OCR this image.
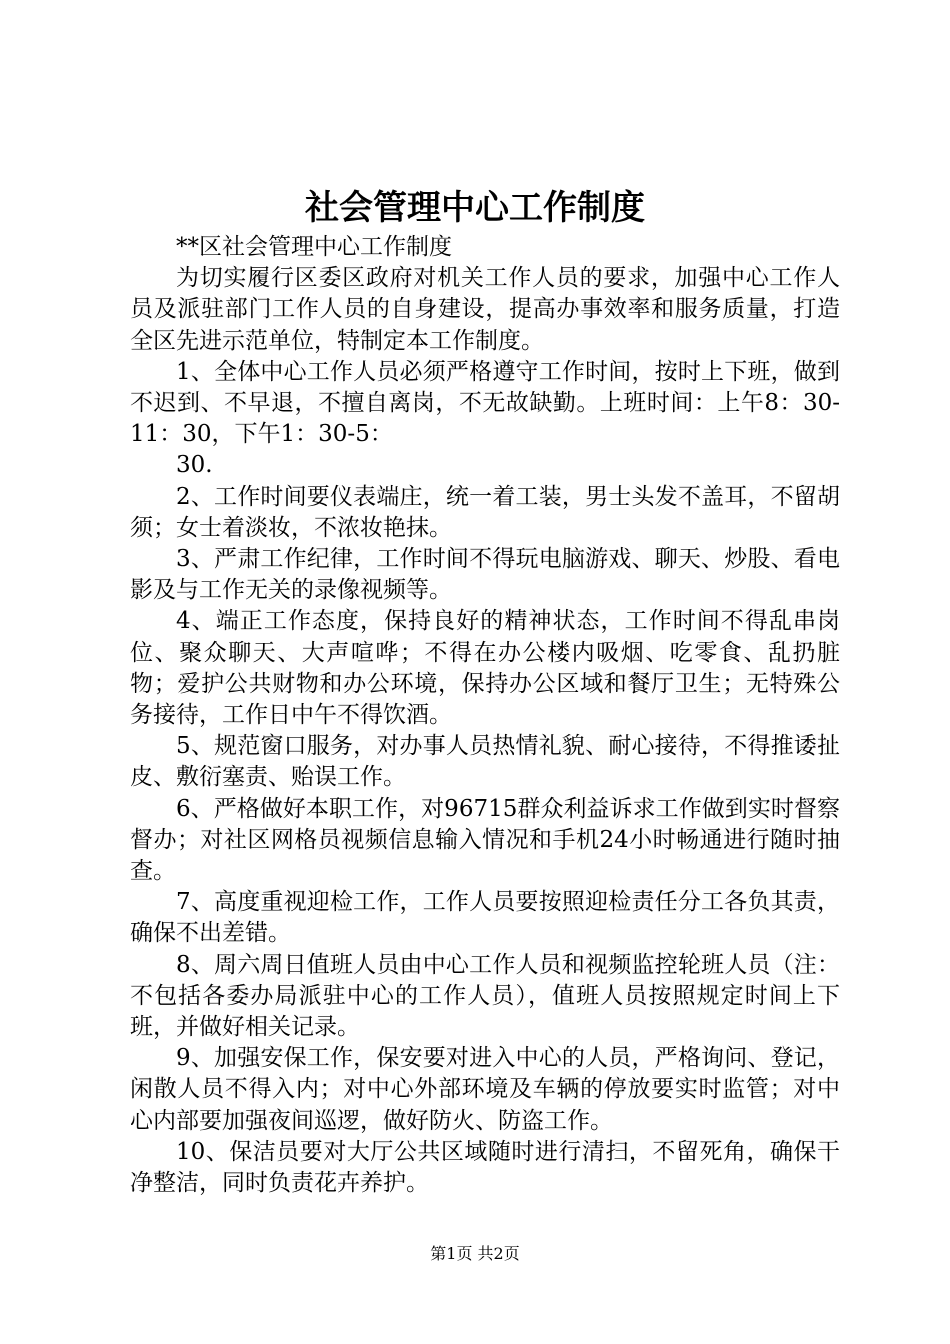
社会管理中心工作制度

**区社会管理中心工作制度

为切实履行区委区政府对机关工作人员的要求，加强中心工作人员及派驻部门工作人员的自身建设，提高办事效率和服务质量，打造全区先进示范单位，特制定本工作制度。

1、全体中心工作人员必须严格遵守工作时间，按时上下班，做到不迟到、不早退，不擅自离岗，不无故缺勤。上班时间：上午8：30-11：30，下午1：30-5：

30.

2、工作时间要仪表端庄，统一着工装，男士头发不盖耳，不留胡须；女士着淡妆，不浓妆艳抹。

3、严肃工作纪律，工作时间不得玩电脑游戏、聊天、炒股、看电影及与工作无关的录像视频等。

4、端正工作态度，保持良好的精神状态，工作时间不得乱串岗位、聚众聊天、大声喧哗；不得在办公楼内吸烟、吃零食、乱扔脏物；爱护公共财物和办公环境，保持办公区域和餐厅卫生；无特殊公务接待，工作日中午不得饮酒。

5、规范窗口服务，对办事人员热情礼貌、耐心接待，不得推诿扯皮、敷衍塞责、贻误工作。

6、严格做好本职工作，对96715群众利益诉求工作做到实时督察督办；对社区网格员视频信息输入情况和手机24小时畅通进行随时抽查。

7、高度重视迎检工作，工作人员要按照迎检责任分工各负其责，确保不出差错。

8、周六周日值班人员由中心工作人员和视频监控轮班人员（注：不包括各委办局派驻中心的工作人员），值班人员按照规定时间上下班，并做好相关记录。

9、加强安保工作，保安要对进入中心的人员，严格询问、登记，闲散人员不得入内；对中心外部环境及车辆的停放要实时监管；对中心内部要加强夜间巡逻，做好防火、防盗工作。

10、保洁员要对大厅公共区域随时进行清扫，不留死角，确保干净整洁，同时负责花卉养护。

第1页 共2页
